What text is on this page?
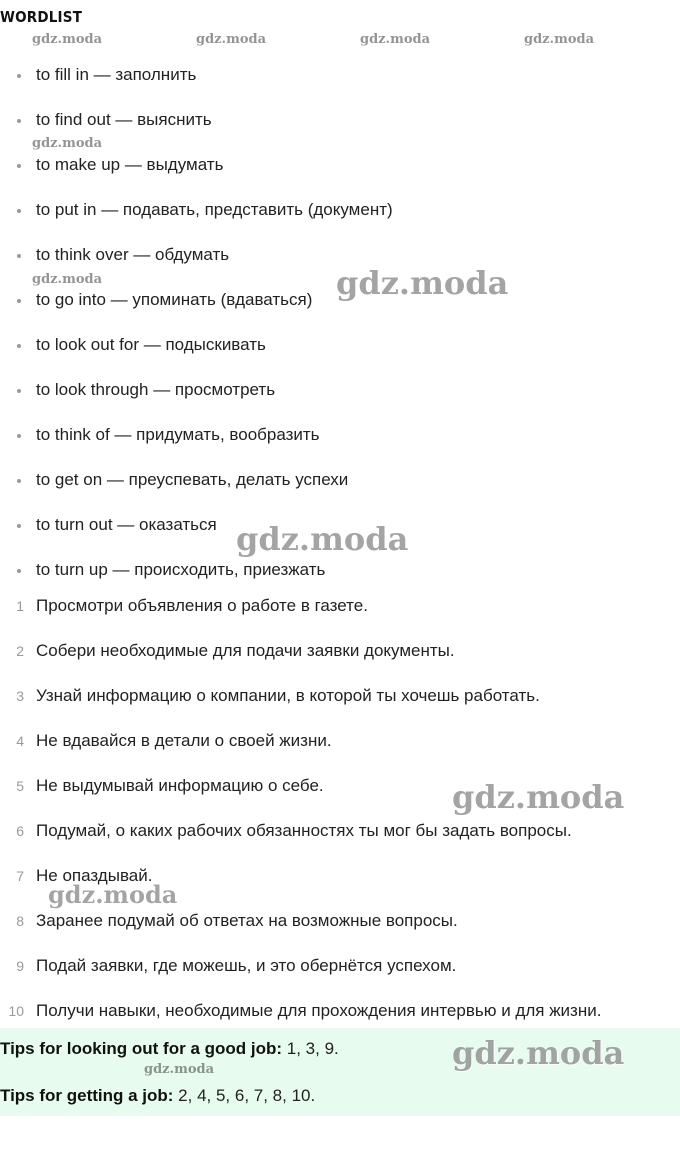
WORDLIST
to fill in — заполнить
to find out — выяснить
to make up — выдумать
to put in — подавать, представить (документ)
to think over — обдумать
to go into — упоминать (вдаваться)
to look out for — подыскивать
to look through — просмотреть
to think of — придумать, вообразить
to get on — преуспевать, делать успехи
to turn out — оказаться
to turn up — происходить, приезжать
1 Просмотри объявления о работе в газете.
2 Собери необходимые для подачи заявки документы.
3 Узнай информацию о компании, в которой ты хочешь работать.
4 Не вдавайся в детали о своей жизни.
5 Не выдумывай информацию о себе.
6 Подумай, о каких рабочих обязанностях ты мог бы задать вопросы.
7 Не опаздывай.
8 Заранее подумай об ответах на возможные вопросы.
9 Подай заявки, где можешь, и это обернётся успехом.
10 Получи навыки, необходимые для прохождения интервью и для жизни.
Tips for looking out for a good job: 1, 3, 9.
Tips for getting a job: 2, 4, 5, 6, 7, 8, 10.
gdz.moda	gdz.moda	gdz.moda	gdz.moda
gdz.moda
gdz.moda
gdz.moda
gdz.moda
gdz.moda
gdz.moda
gdz.moda
gdz.moda
